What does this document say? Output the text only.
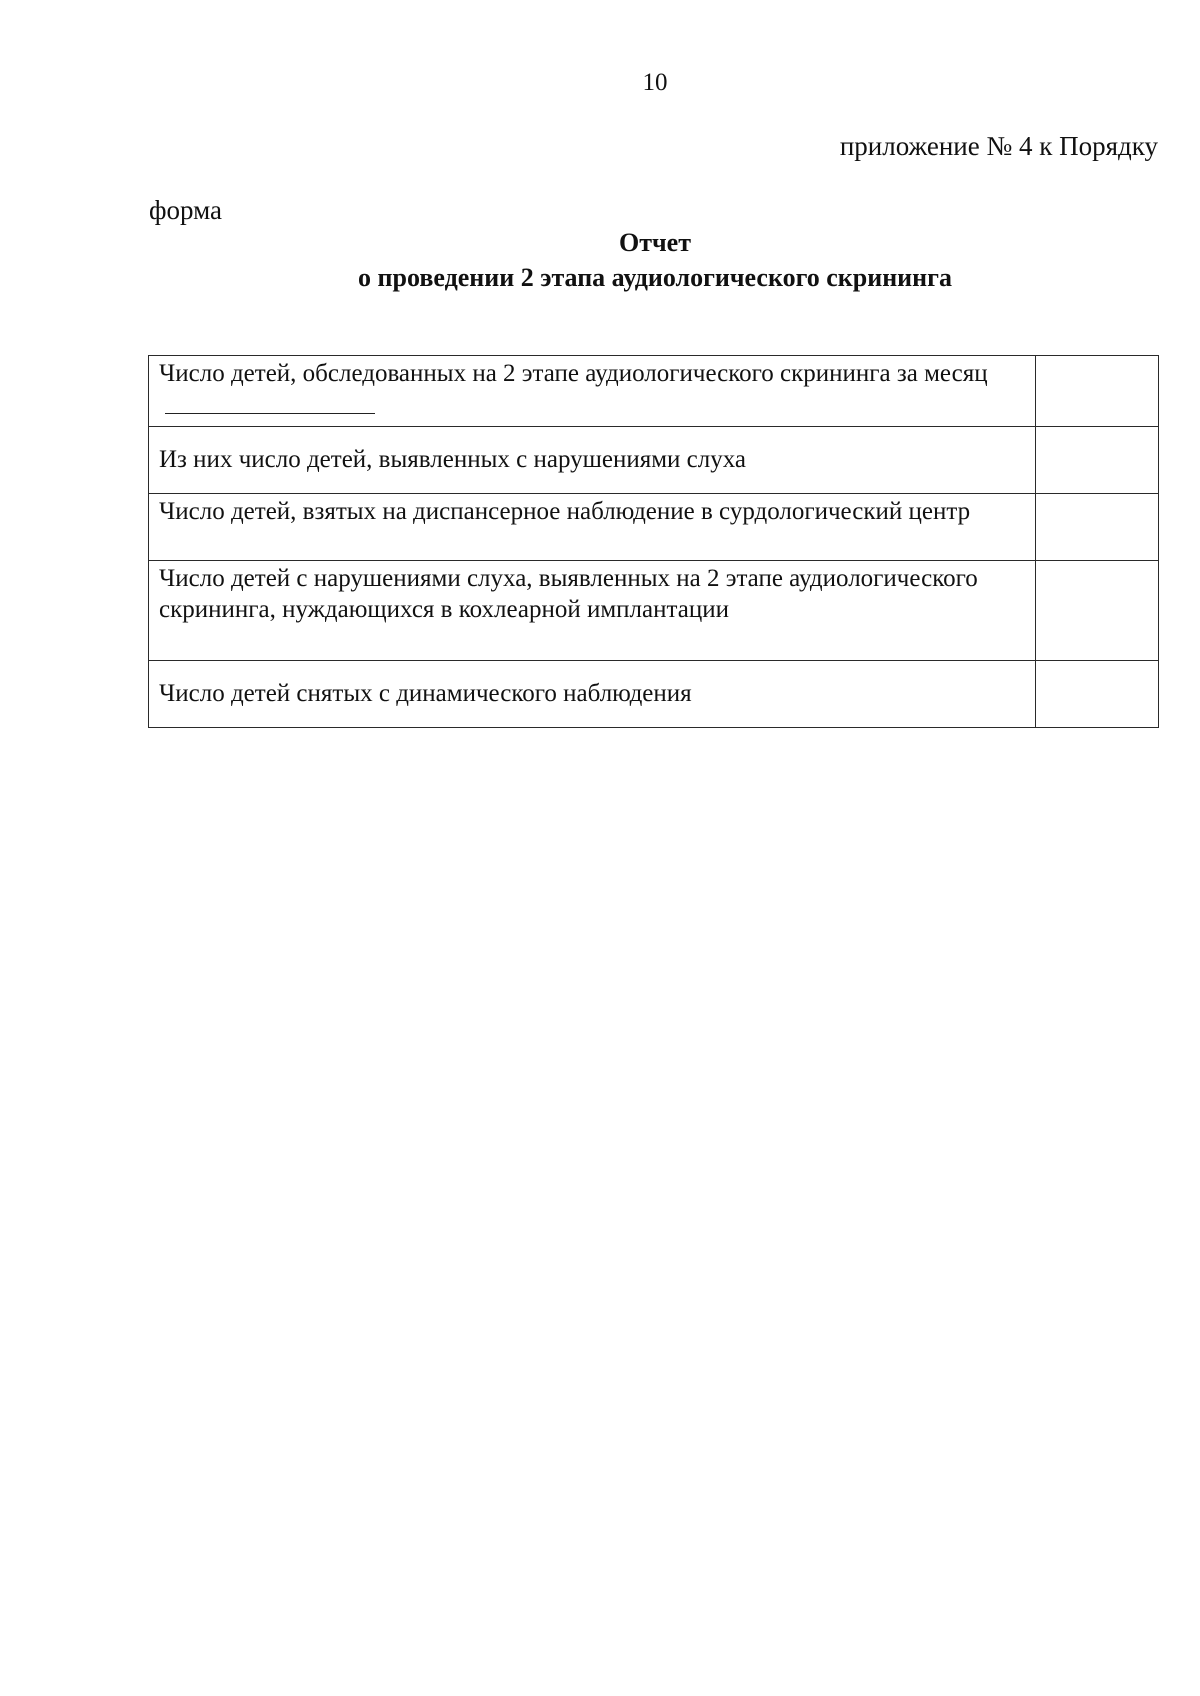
10
приложение № 4 к Порядку
форма
Отчет
о проведении 2 этапа аудиологического скрининга
Число детей, обследованных на 2 этапе аудиологического скрининга за месяц	
Из них число детей, выявленных с нарушениями слуха	
Число детей, взятых на диспансерное наблюдение в сурдологический центр	
Число детей с нарушениями слуха, выявленных на 2 этапе аудиологического скрининга, нуждающихся в кохлеарной имплантации	
Число детей снятых с динамического наблюдения	
